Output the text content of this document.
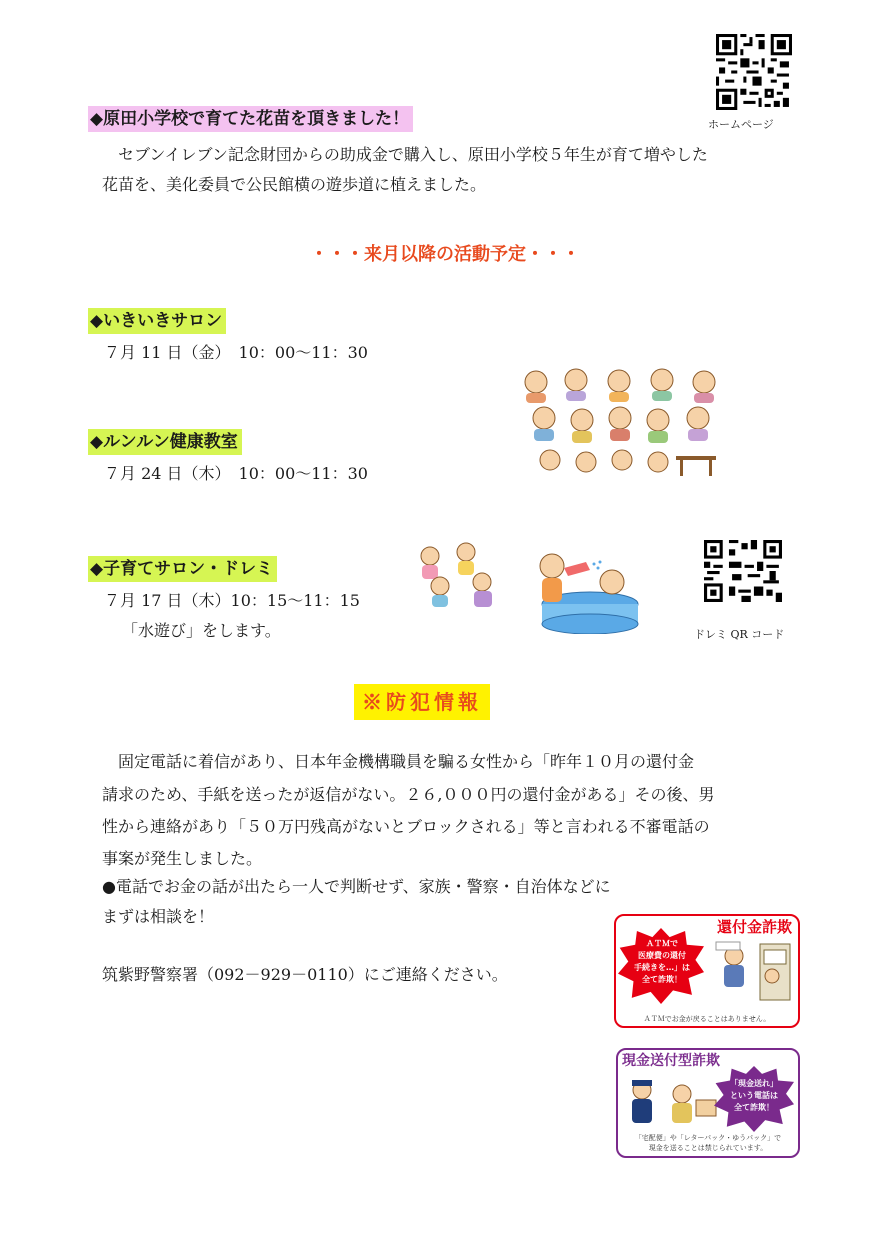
ホームページ
◆原田小学校で育てた花苗を頂きました！
　セブンイレブン記念財団からの助成金で購入し、原田小学校５年生が育て増やした
花苗を、美化委員で公民館横の遊歩道に植えました。
・・・来月以降の活動予定・・・
◆いきいきサロン
７月 11 日（金）　10：00～11：30
◆ルンルン健康教室
７月 24 日（木）　10：00～11：30
◆子育てサロン・ドレミ
７月 17 日（木）10：15～11：15
「水遊び」をします。	ドレミ QR コード
※防犯情報
　固定電話に着信があり、日本年金機構職員を騙る女性から「昨年１０月の還付金
請求のため、手紙を送ったが返信がない。２６,０００円の還付金がある」その後、男
性から連絡があり「５０万円残高がないとブロックされる」等と言われる不審電話の
事案が発生しました。
●電話でお金の話が出たら一人で判断せず、家族・警察・自治体などに
まずは相談を！
筑紫野警察署（092－929－0110）にご連絡ください。
還付金詐欺
ＡＴＭで
医療費の還付
手続きを…」は
全て詐欺！
ＡＴＭでお金が戻ることはありません。
現金送付型詐欺
「現金送れ」
という電話は
全て詐欺！
「宅配便」や「レターパック・ゆうパック」で
現金を送ることは禁じられています。
